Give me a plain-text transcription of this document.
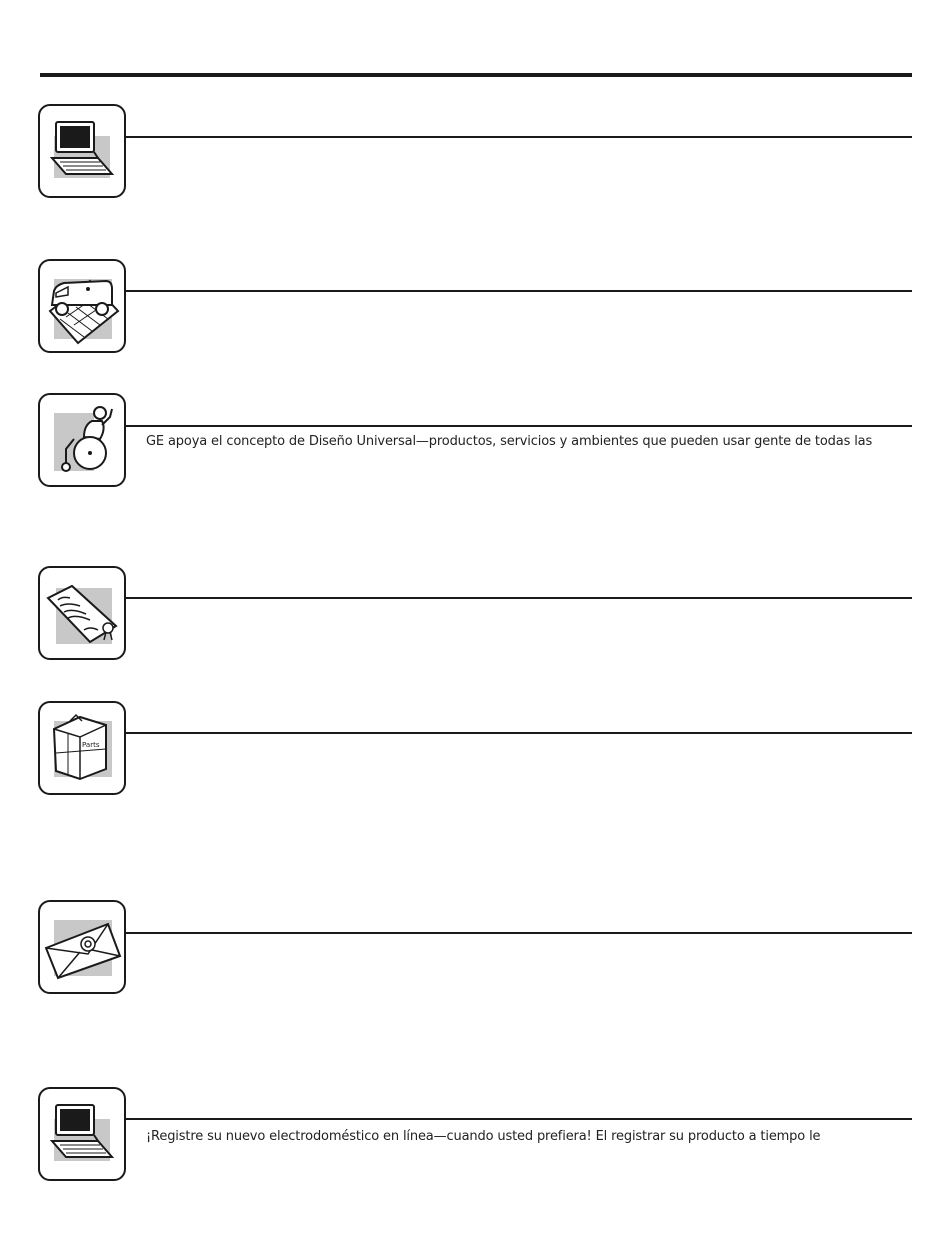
GE apoya el concepto de Diseño Universal—productos, servicios y ambientes que pueden usar gente de todas las
Parts
¡Registre su nuevo electrodoméstico en línea—cuando usted prefiera! El registrar su producto a tiempo le
